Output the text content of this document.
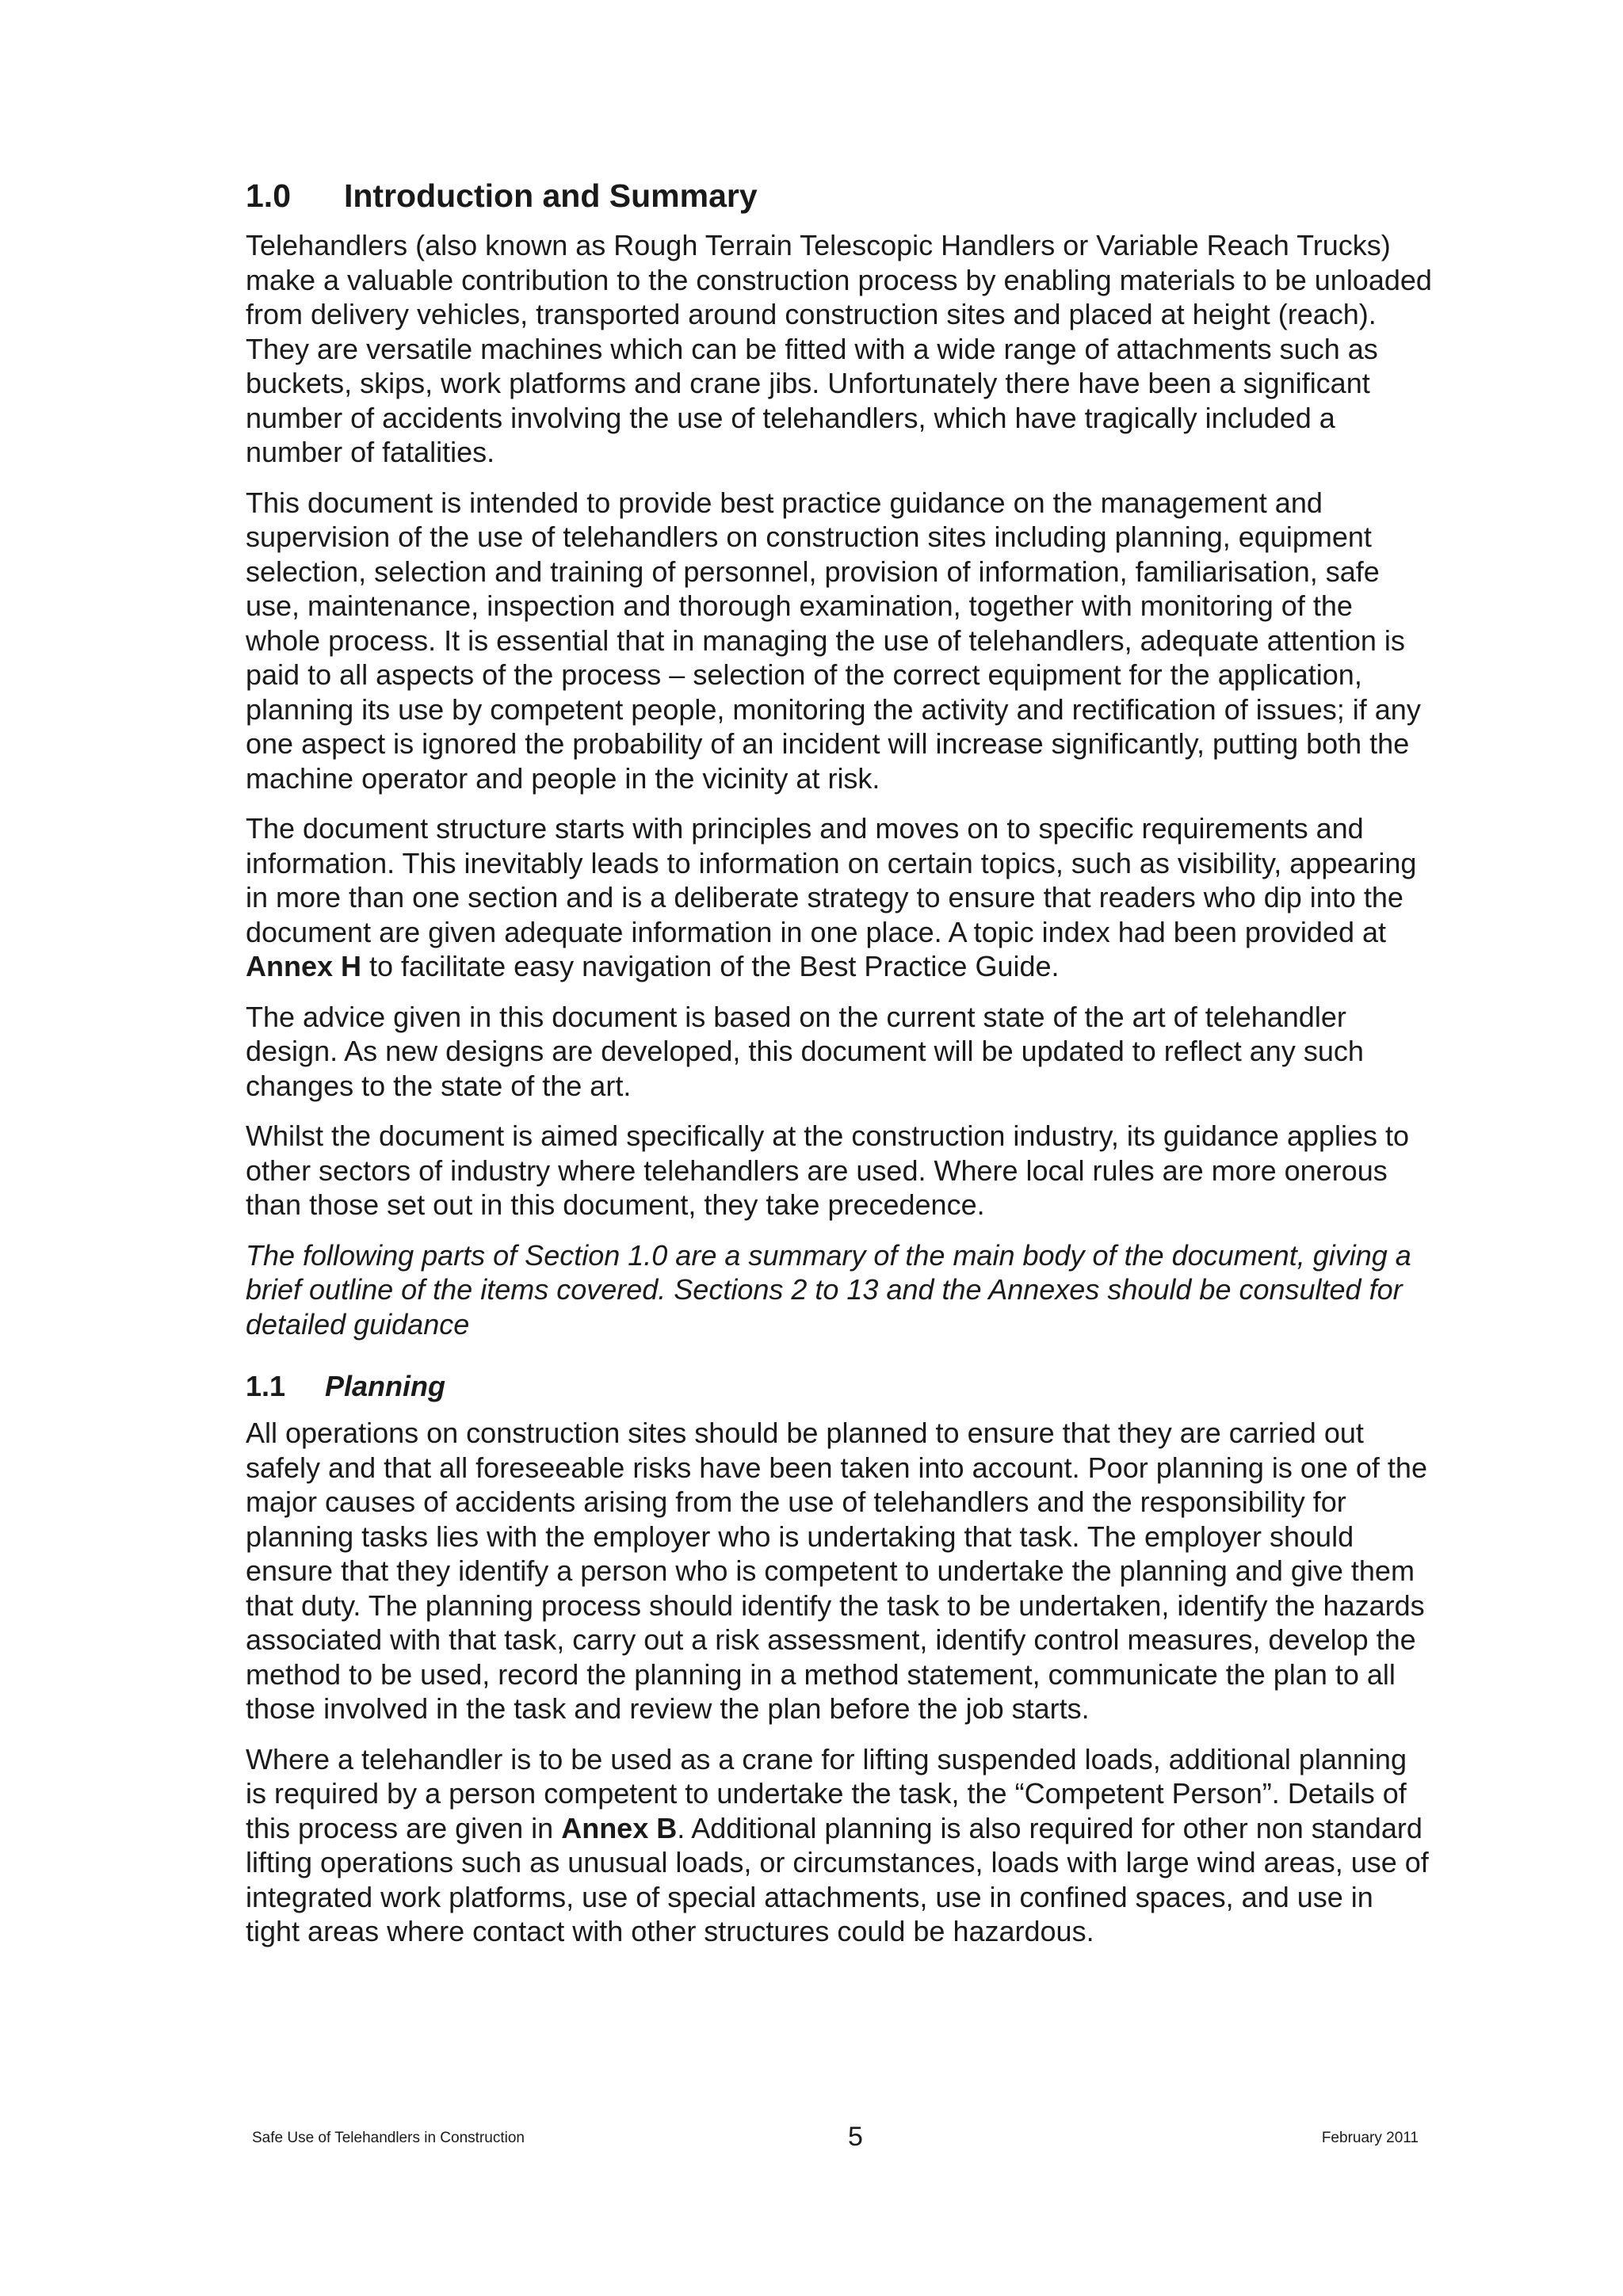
1.0	Introduction and Summary

Telehandlers (also known as Rough Terrain Telescopic Handlers or Variable Reach Trucks) make a valuable contribution to the construction process by enabling materials to be unloaded from delivery vehicles, transported around construction sites and placed at height (reach). They are versatile machines which can be fitted with a wide range of attachments such as buckets, skips, work platforms and crane jibs. Unfortunately there have been a significant number of accidents involving the use of telehandlers, which have tragically included a number of fatalities.

This document is intended to provide best practice guidance on the management and supervision of the use of telehandlers on construction sites including planning, equipment selection, selection and training of personnel, provision of information, familiarisation, safe use, maintenance, inspection and thorough examination, together with monitoring of the whole process. It is essential that in managing the use of telehandlers, adequate attention is paid to all aspects of the process – selection of the correct equipment for the application, planning its use by competent people, monitoring the activity and rectification of issues; if any one aspect is ignored the probability of an incident will increase significantly, putting both the machine operator and people in the vicinity at risk.

The document structure starts with principles and moves on to specific requirements and information. This inevitably leads to information on certain topics, such as visibility, appearing in more than one section and is a deliberate strategy to ensure that readers who dip into the document are given adequate information in one place. A topic index had been provided at Annex H to facilitate easy navigation of the Best Practice Guide.

The advice given in this document is based on the current state of the art of telehandler design. As new designs are developed, this document will be updated to reflect any such changes to the state of the art.

Whilst the document is aimed specifically at the construction industry, its guidance applies to other sectors of industry where telehandlers are used. Where local rules are more onerous than those set out in this document, they take precedence.

The following parts of Section 1.0 are a summary of the main body of the document, giving a brief outline of the items covered. Sections 2 to 13 and the Annexes should be consulted for detailed guidance

1.1	Planning

All operations on construction sites should be planned to ensure that they are carried out safely and that all foreseeable risks have been taken into account. Poor planning is one of the major causes of accidents arising from the use of telehandlers and the responsibility for planning tasks lies with the employer who is undertaking that task. The employer should ensure that they identify a person who is competent to undertake the planning and give them that duty. The planning process should identify the task to be undertaken, identify the hazards associated with that task, carry out a risk assessment, identify control measures, develop the method to be used, record the planning in a method statement, communicate the plan to all those involved in the task and review the plan before the job starts.

Where a telehandler is to be used as a crane for lifting suspended loads, additional planning is required by a person competent to undertake the task, the “Competent Person”. Details of this process are given in Annex B. Additional planning is also required for other non standard lifting operations such as unusual loads, or circumstances, loads with large wind areas, use of integrated work platforms, use of special attachments, use in confined spaces, and use in tight areas where contact with other structures could be hazardous.

Safe Use of Telehandlers in Construction	5	February 2011
